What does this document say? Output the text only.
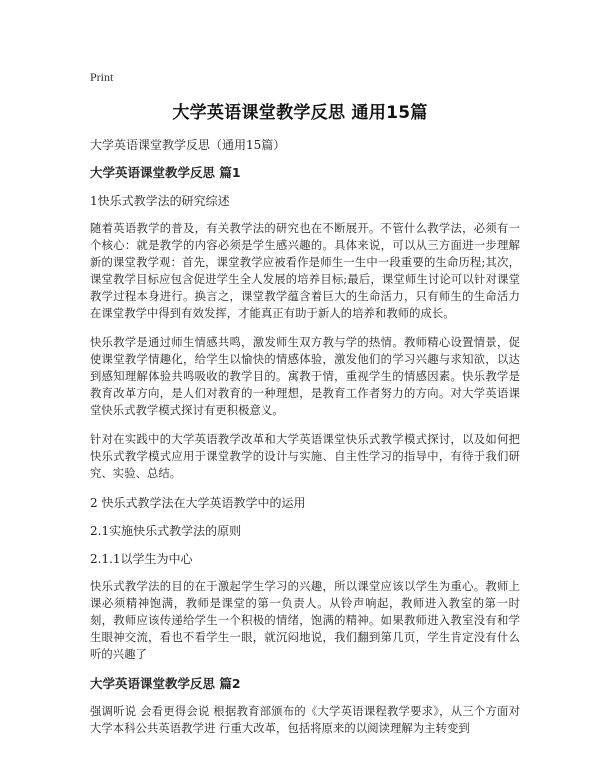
Print
大学英语课堂教学反思 通用15篇
大学英语课堂教学反思（通用15篇）
大学英语课堂教学反思 篇1
1快乐式教学法的研究综述
随着英语教学的普及，有关教学法的研究也在不断展开。不管什么教学法，必须有一个核心：就是教学的内容必须是学生感兴趣的。具体来说，可以从三方面进一步理解新的课堂教学观：首先，课堂教学应被看作是师生一生中一段重要的生命历程;其次，课堂教学目标应包含促进学生全人发展的培养目标;最后，课堂师生讨论可以针对课堂教学过程本身进行。换言之，课堂教学蕴含着巨大的生命活力，只有师生的生命活力在课堂教学中得到有效发挥，才能真正有助于新人的培养和教师的成长。
快乐教学是通过师生情感共鸣，激发师生双方教与学的热情。教师精心设置情景，促使课堂教学情趣化，给学生以愉快的情感体验，激发他们的学习兴趣与求知欲，以达到感知理解体验共鸣吸收的教学目的。寓教于情，重视学生的情感因素。快乐教学是教育改革方向，是人们对教育的一种理想，是教育工作者努力的方向。对大学英语课堂快乐式教学模式探讨有更积极意义。
针对在实践中的大学英语教学改革和大学英语课堂快乐式教学模式探讨，以及如何把快乐式教学模式应用于课堂教学的设计与实施、自主性学习的指导中，有待于我们研究、实验、总结。
2 快乐式教学法在大学英语教学中的运用
2.1实施快乐式教学法的原则
2.1.1以学生为中心
快乐式教学法的目的在于激起学生学习的兴趣，所以课堂应该以学生为重心。教师上课必须精神饱满，教师是课堂的第一负责人。从铃声响起，教师进入教室的第一时刻，教师应该传递给学生一个积极的情绪，饱满的精神。如果教师进入教室没有和学生眼神交流，看也不看学生一眼，就沉闷地说，我们翻到第几页，学生肯定没有什么听的兴趣了
大学英语课堂教学反思 篇2
强调听说 会看更得会说 根据教育部颁布的《大学英语课程教学要求》，从三个方面对大学本科公共英语教学进 行重大改革，包括将原来的以阅读理解为主转变到
